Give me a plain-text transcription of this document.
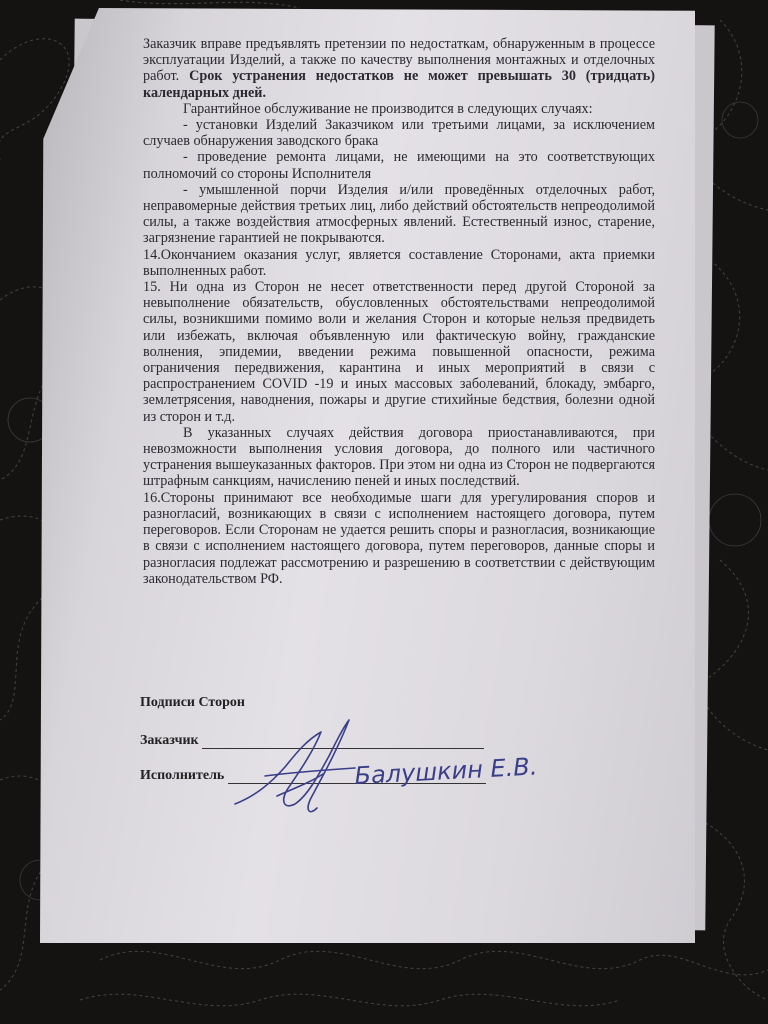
Заказчик вправе предъявлять претензии по недостаткам, обнаруженным в процессе эксплуатации Изделий, а также по качеству выполнения монтажных и отделочных работ. Срок устранения недостатков не может превышать 30 (тридцать) календарных дней.

Гарантийное обслуживание не производится в следующих случаях:

- установки Изделий Заказчиком или третьими лицами, за исключением случаев обнаружения заводского брака

- проведение ремонта лицами, не имеющими на это соответствующих полномочий со стороны Исполнителя

- умышленной порчи Изделия и/или проведённых отделочных работ, неправомерные действия третьих лиц, либо действий обстоятельств непреодолимой силы, а также воздействия атмосферных явлений. Естественный износ, старение, загрязнение гарантией не покрываются.

14.Окончанием оказания услуг, является составление Сторонами, акта приемки выполненных работ.

15. Ни одна из Сторон не несет ответственности перед другой Стороной за невыполнение обязательств, обусловленных обстоятельствами непреодолимой силы, возникшими помимо воли и желания Сторон и которые нельзя предвидеть или избежать, включая объявленную или фактическую войну, гражданские волнения, эпидемии, введении режима повышенной опасности, режима ограничения передвижения, карантина и иных мероприятий в связи с распространением COVID -19 и иных массовых заболеваний, блокаду, эмбарго, землетрясения, наводнения, пожары и другие стихийные бедствия, болезни одной из сторон и т.д.

В указанных случаях действия договора приостанавливаются, при невозможности выполнения условия договора, до полного или частичного устранения вышеуказанных факторов. При этом ни одна из Сторон не подвергаются штрафным санкциям, начислению пеней и иных последствий.

16.Стороны принимают все необходимые шаги для урегулирования споров и разногласий, возникающих в связи с исполнением настоящего договора, путем переговоров. Если Сторонам не удается решить споры и разногласия, возникающие в связи с исполнением настоящего договора, путем переговоров, данные споры и разногласия подлежат рассмотрению и разрешению в соответствии с действующим законодательством РФ.

Подписи Сторон
Заказчик
Исполнитель	Балушкин Е.В.
